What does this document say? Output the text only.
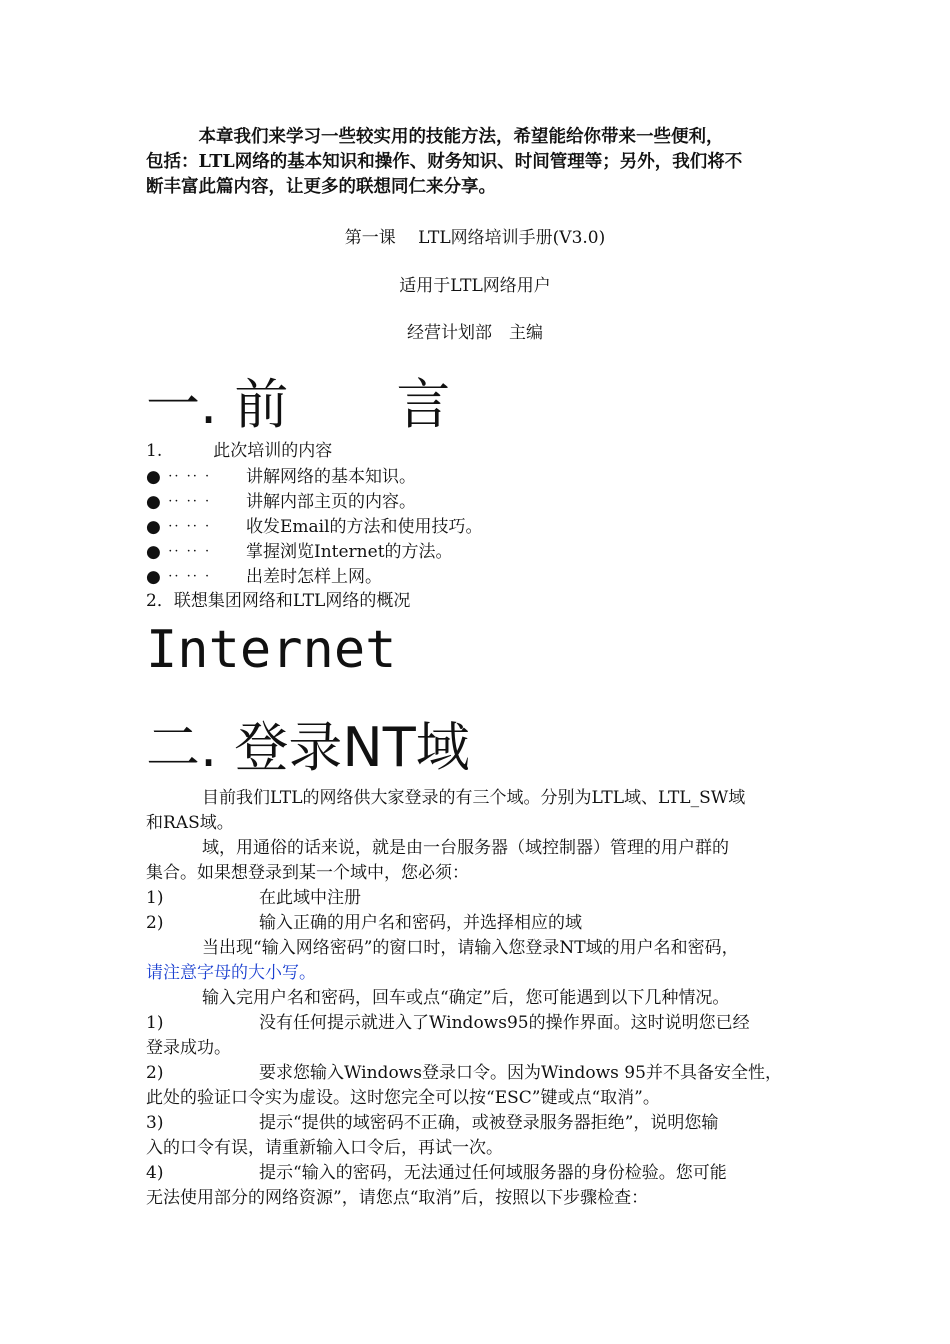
　　　本章我们来学习一些较实用的技能方法，希望能给你带来一些便利，
包括：LTL网络的基本知识和操作、财务知识、时间管理等；另外，我们将不
断丰富此篇内容，让更多的联想同仁来分享。
第一课　 LTL网络培训手册(V3.0)
适用于LTL网络用户
经营计划部　主编
一. 前　　言
1.　　　此次培训的内容
●· ·· ·· · 讲解网络的基本知识。
●· ·· ·· · 讲解内部主页的内容。
●· ·· ·· · 收发Email的方法和使用技巧。
●· ·· ·· · 掌握浏览Internet的方法。
●· ·· ·· · 出差时怎样上网。
2．联想集团网络和LTL网络的概况
Internet
二. 登录NT域
目前我们LTL的网络供大家登录的有三个域。分别为LTL域、LTL_SW域
和RAS域。
域，用通俗的话来说，就是由一台服务器（域控制器）管理的用户群的
集合。如果想登录到某一个域中，您必须：
1)	在此域中注册
2)	输入正确的用户名和密码，并选择相应的域
当出现“输入网络密码”的窗口时，请输入您登录NT域的用户名和密码，
请注意字母的大小写。
输入完用户名和密码，回车或点“确定”后，您可能遇到以下几种情况。
1)	没有任何提示就进入了Windows95的操作界面。这时说明您已经
登录成功。
2)	要求您输入Windows登录口令。因为Windows 95并不具备安全性，
此处的验证口令实为虚设。这时您完全可以按“ESC”键或点“取消”。
3)	提示“提供的域密码不正确，或被登录服务器拒绝”，说明您输
入的口令有误，请重新输入口令后，再试一次。
4)	提示“输入的密码，无法通过任何域服务器的身份检验。您可能
无法使用部分的网络资源”，请您点“取消”后，按照以下步骤检查：
